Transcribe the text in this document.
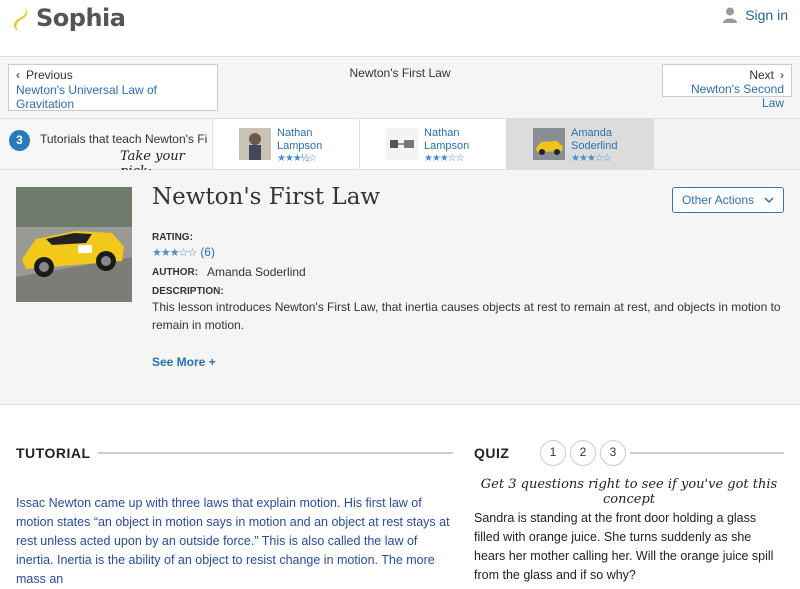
Sophia	Sign in
‹ Previous
Newton's Universal Law of Gravitation
Newton's First Law	Next ›
Newton's Second Law
3	Tutorials that teach Newton's Fi
Take your
Nathan
Lampson
★★★½☆
Nathan
Lampson
★★★☆☆
Amanda
Soderlind
★★★☆☆
Newton's First Law	Other Actions
RATING:
★★★☆☆ (6)
AUTHOR: Amanda Soderlind
DESCRIPTION:
This lesson introduces Newton's First Law, that inertia causes objects at rest to remain at rest, and objects in motion to remain in motion.
See More +
TUTORIAL
Issac Newton came up with three laws that explain motion. His first law of motion states “an object in motion says in motion and an object at rest stays at rest unless acted upon by an outside force.” This is also called the law of inertia. Inertia is the ability of an object to resist change in motion. The more mass an
QUIZ	1	2	3
Get 3 questions right to see if you've got this concept
Sandra is standing at the front door holding a glass filled with orange juice. She turns suddenly as she hears her mother calling her. Will the orange juice spill from the glass and if so why?
